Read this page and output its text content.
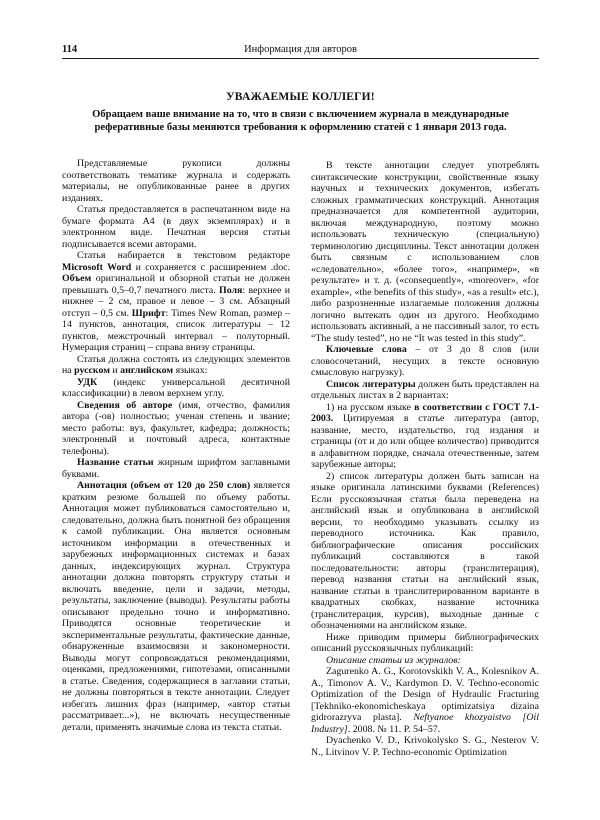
114	Информация для авторов
УВАЖАЕМЫЕ КОЛЛЕГИ!
Обращаем ваше внимание на то, что в связи с включением журнала в международные реферативные базы меняются требования к оформлению статей с 1 января 2013 года.

Представляемые рукописи должны соответствовать тематике журнала и содержать материалы, не опубликованные ранее в других изданиях.

Статья предоставляется в распечатанном виде на бумаге формата А4 (в двух экземплярах) и в электронном виде. Печатная версия статьи подписывается всеми авторами.

Статья набирается в текстовом редакторе Microsoft Word и сохраняется с расширением .doc. Объем оригинальной и обзорной статьи не должен превышать 0,5–0,7 печатного листа. Поля: верхнее и нижнее – 2 см, правое и левое – 3 см. Абзацный отступ – 0,5 см. Шрифт: Times New Roman, размер – 14 пунктов, аннотация, список литературы – 12 пунктов, межстрочный интервал – полуторный. Нумерация страниц – справа внизу страницы.

Статья должна состоять из следующих элементов на русском и английском языках:

УДК (индекс универсальной десятичной классификации) в левом верхнем углу.

Сведения об авторе (имя, отчество, фамилия автора (-ов) полностью; ученая степень и звание; место работы: вуз, факультет, кафедра; должность; электронный и почтовый адреса, контактные телефоны).

Название статьи жирным шрифтом заглавными буквами.

Аннотация (объем от 120 до 250 слов) является кратким резюме большей по объему работы. Аннотация может публиковаться самостоятельно и, следовательно, должна быть понятной без обращения к самой публикации. Она является основным источником информации в отечественных и зарубежных информационных системах и базах данных, индексирующих журнал. Структура аннотации должна повторять структуру статьи и включать введение, цели и задачи, методы, результаты, заключение (выводы). Результаты работы описывают предельно точно и информативно. Приводятся основные теоретические и экспериментальные результаты, фактические данные, обнаруженные взаимосвязи и закономерности. Выводы могут сопровождаться рекомендациями, оценками, предложениями, гипотезами, описанными в статье. Сведения, содержащиеся в заглавии статьи, не должны повторяться в тексте аннотации. Следует избегать лишних фраз (например, «автор статьи рассматривает...»), не включать несущественные детали, применять значимые слова из текста статьи.

В тексте аннотации следует употреблять синтаксические конструкции, свойственные языку научных и технических документов, избегать сложных грамматических конструкций. Аннотация предназначается для компетентной аудитории, включая международную, поэтому можно использовать техническую (специальную) терминологию дисциплины. Текст аннотации должен быть связным с использованием слов «следовательно», «более того», «например», «в результате» и т. д. («consequently», «moreover», «for example», «the benefits of this study», «as a result» etc.), либо разрозненные излагаемые положения должны логично вытекать один из другого. Необходимо использовать активный, а не пассивный залог, то есть “The study tested”, но не “It was tested in this study”.

Ключевые слова – от 3 до 8 слов (или словосочетаний, несущих в тексте основную смысловую нагрузку).

Список литературы должен быть представлен на отдельных листах в 2 вариантах:

1) на русском языке в соответствии с ГОСТ 7.1-2003. Цитируемая в статье литература (автор, название, место, издательство, год издания и страницы (от и до или общее количество) приводится в алфавитном порядке, сначала отечественные, затем зарубежные авторы;

2) список литературы должен быть записан на языке оригинала латинскими буквами (References) Если русскоязычная статья была переведена на английский язык и опубликована в английской версии, то необходимо указывать ссылку из переводного источника. Как правило, библиографические описания российских публикаций составляются в такой последовательности: авторы (транслитерация), перевод названия статьи на английский язык, название статьи в транслитерированном варианте в квадратных скобках, название источника (транслитерация, курсив), выходные данные с обозначениями на английском языке.

Ниже приводим примеры библиографических описаний русскоязычных публикаций:

Описание статьи из журналов:

Zagurenko A. G., Korotovskikh V. A., Kolesnikov A. A., Timonov A. V., Kardymon D. V. Techno-economic Optimization of the Design of Hydraulic Fracturing [Tekhniko-ekonomicheskaya optimizatsiya dizaina gidrorazryva plasta]. Neftyanoe khozyaistvo [Oil Industry]. 2008. № 11. P. 54–57.

Dyachenko V. D., Krivokolysko S. G., Nesterov V. N., Litvinov V. P. Techno-economic Optimization
